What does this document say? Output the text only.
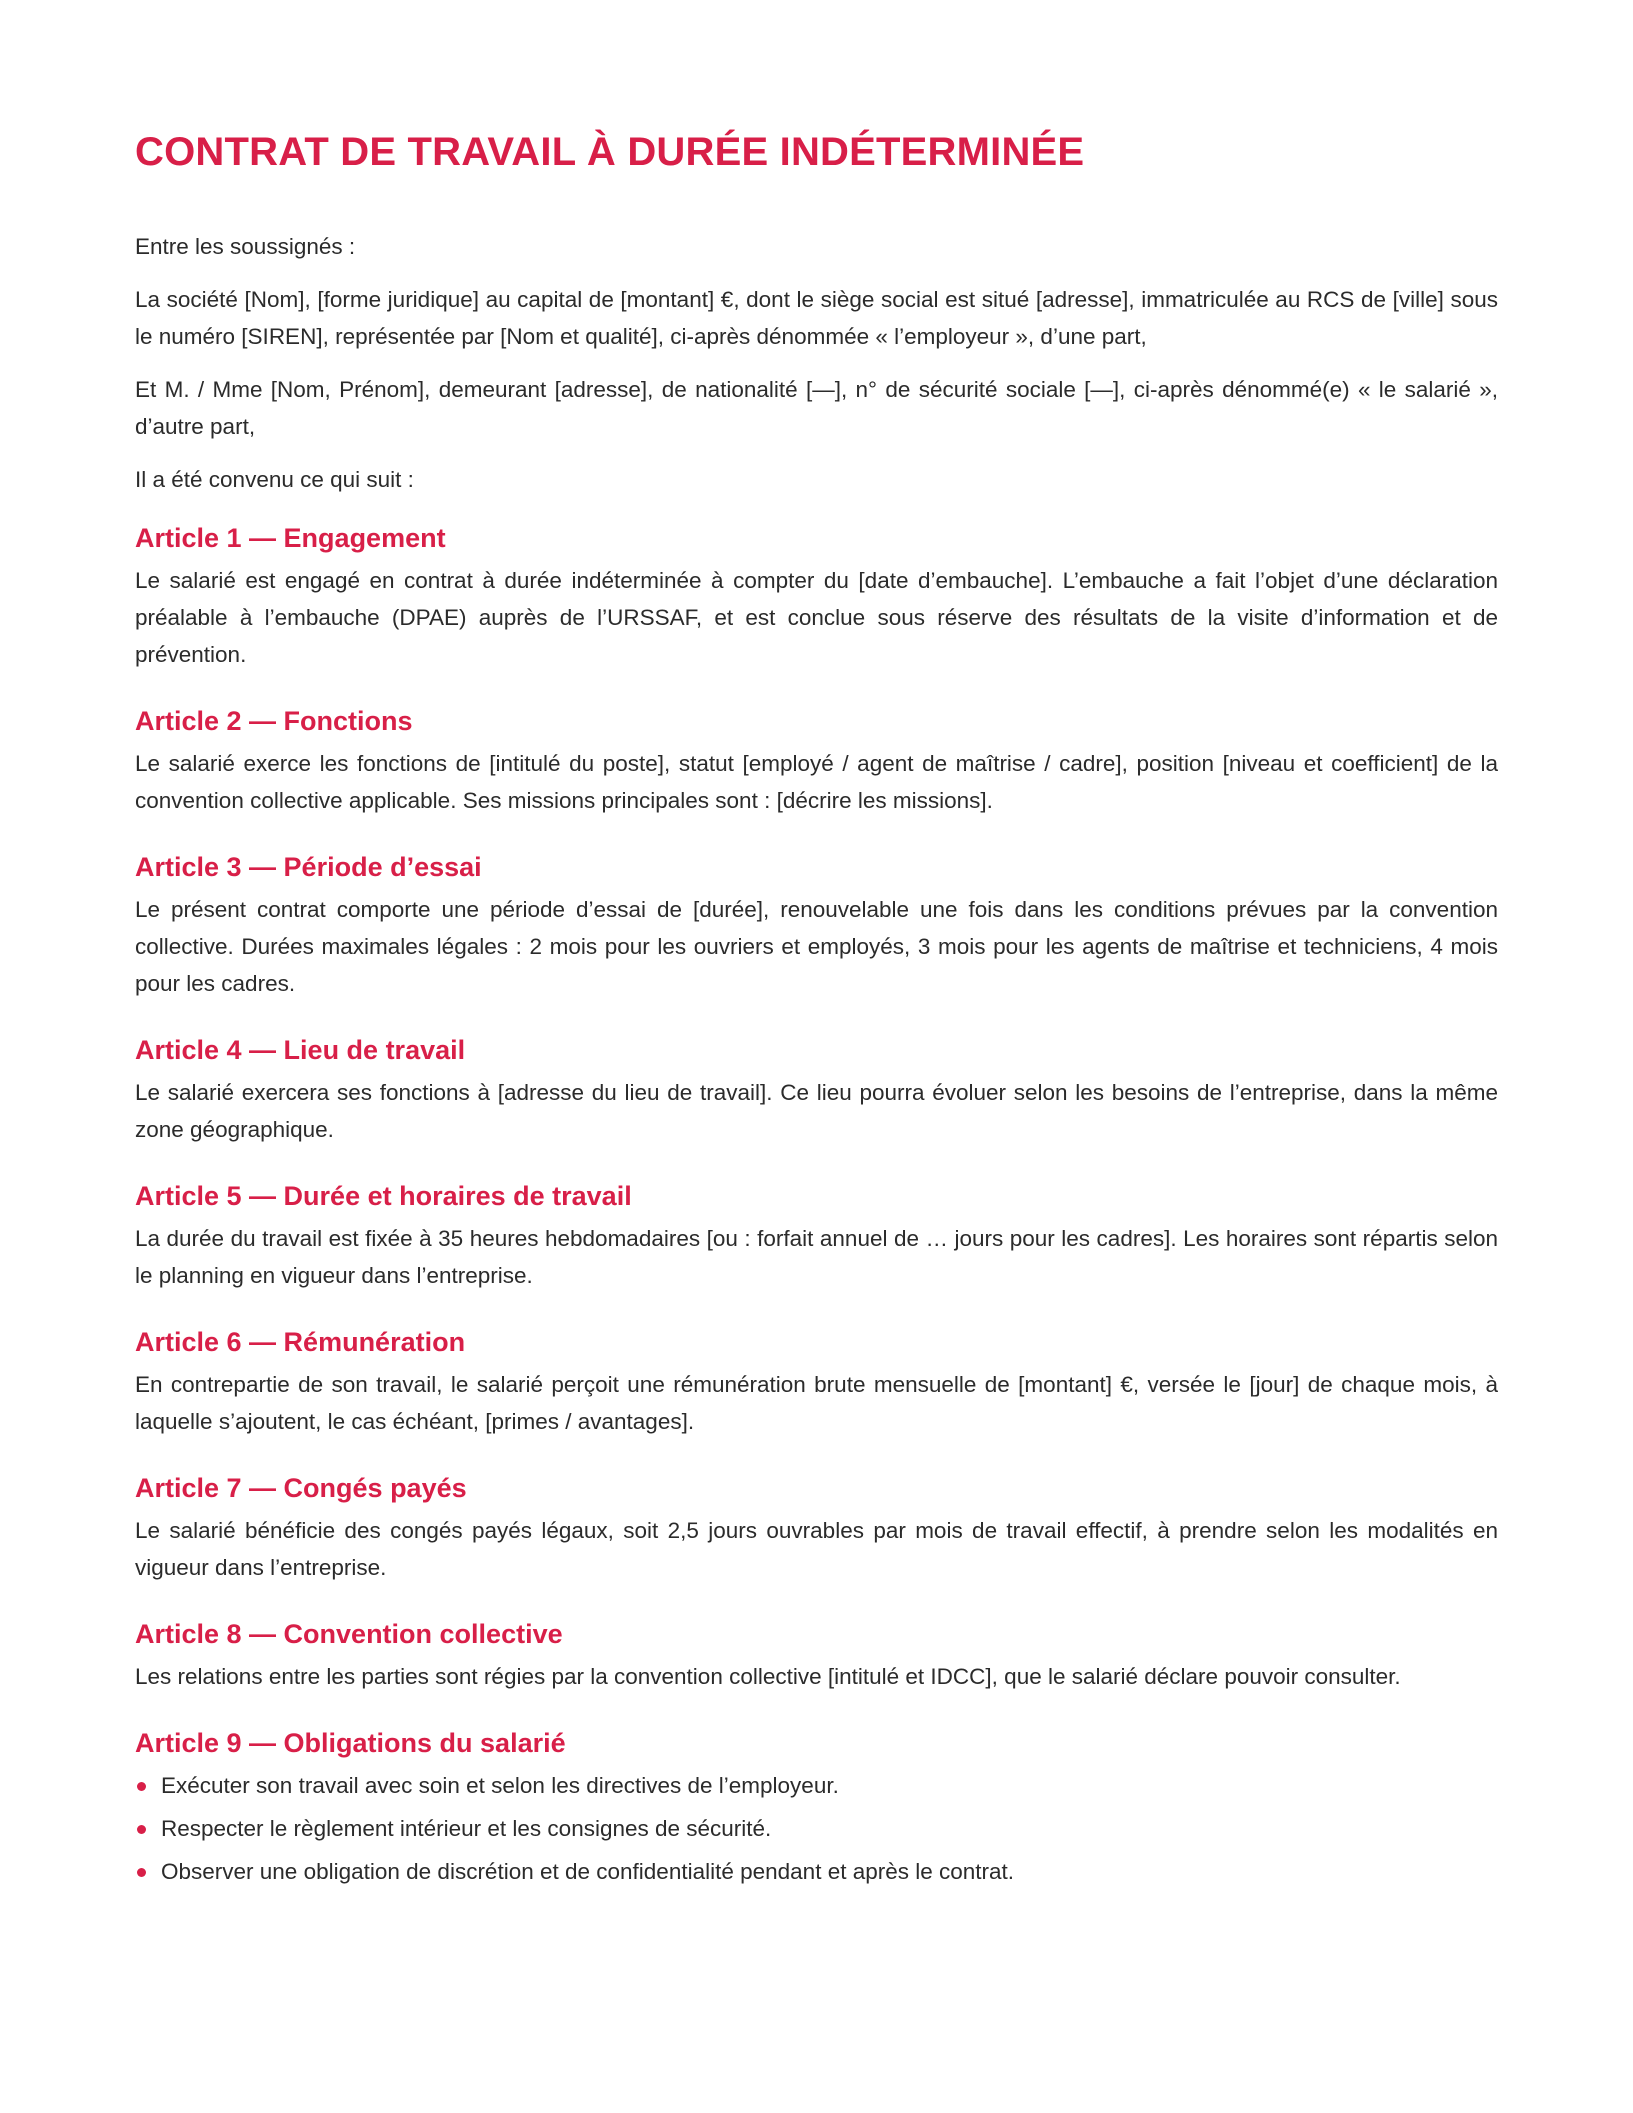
CONTRAT DE TRAVAIL À DURÉE INDÉTERMINÉE

Entre les soussignés :

La société [Nom], [forme juridique] au capital de [montant] €, dont le siège social est situé [adresse], immatriculée au RCS de [ville] sous le numéro [SIREN], représentée par [Nom et qualité], ci-après dénommée « l’employeur », d’une part,

Et M. / Mme [Nom, Prénom], demeurant [adresse], de nationalité [—], n° de sécurité sociale [—], ci-après dénommé(e) « le salarié », d’autre part,

Il a été convenu ce qui suit :

Article 1 — Engagement

Le salarié est engagé en contrat à durée indéterminée à compter du [date d’embauche]. L’embauche a fait l’objet d’une déclaration préalable à l’embauche (DPAE) auprès de l’URSSAF, et est conclue sous réserve des résultats de la visite d’information et de prévention.

Article 2 — Fonctions

Le salarié exerce les fonctions de [intitulé du poste], statut [employé / agent de maîtrise / cadre], position [niveau et coefficient] de la convention collective applicable. Ses missions principales sont : [décrire les missions].

Article 3 — Période d’essai

Le présent contrat comporte une période d’essai de [durée], renouvelable une fois dans les conditions prévues par la convention collective. Durées maximales légales : 2 mois pour les ouvriers et employés, 3 mois pour les agents de maîtrise et techniciens, 4 mois pour les cadres.

Article 4 — Lieu de travail

Le salarié exercera ses fonctions à [adresse du lieu de travail]. Ce lieu pourra évoluer selon les besoins de l’entreprise, dans la même zone géographique.

Article 5 — Durée et horaires de travail

La durée du travail est fixée à 35 heures hebdomadaires [ou : forfait annuel de … jours pour les cadres]. Les horaires sont répartis selon le planning en vigueur dans l’entreprise.

Article 6 — Rémunération

En contrepartie de son travail, le salarié perçoit une rémunération brute mensuelle de [montant] €, versée le [jour] de chaque mois, à laquelle s’ajoutent, le cas échéant, [primes / avantages].

Article 7 — Congés payés

Le salarié bénéficie des congés payés légaux, soit 2,5 jours ouvrables par mois de travail effectif, à prendre selon les modalités en vigueur dans l’entreprise.

Article 8 — Convention collective

Les relations entre les parties sont régies par la convention collective [intitulé et IDCC], que le salarié déclare pouvoir consulter.

Article 9 — Obligations du salarié
Exécuter son travail avec soin et selon les directives de l’employeur.
Respecter le règlement intérieur et les consignes de sécurité.
Observer une obligation de discrétion et de confidentialité pendant et après le contrat.
